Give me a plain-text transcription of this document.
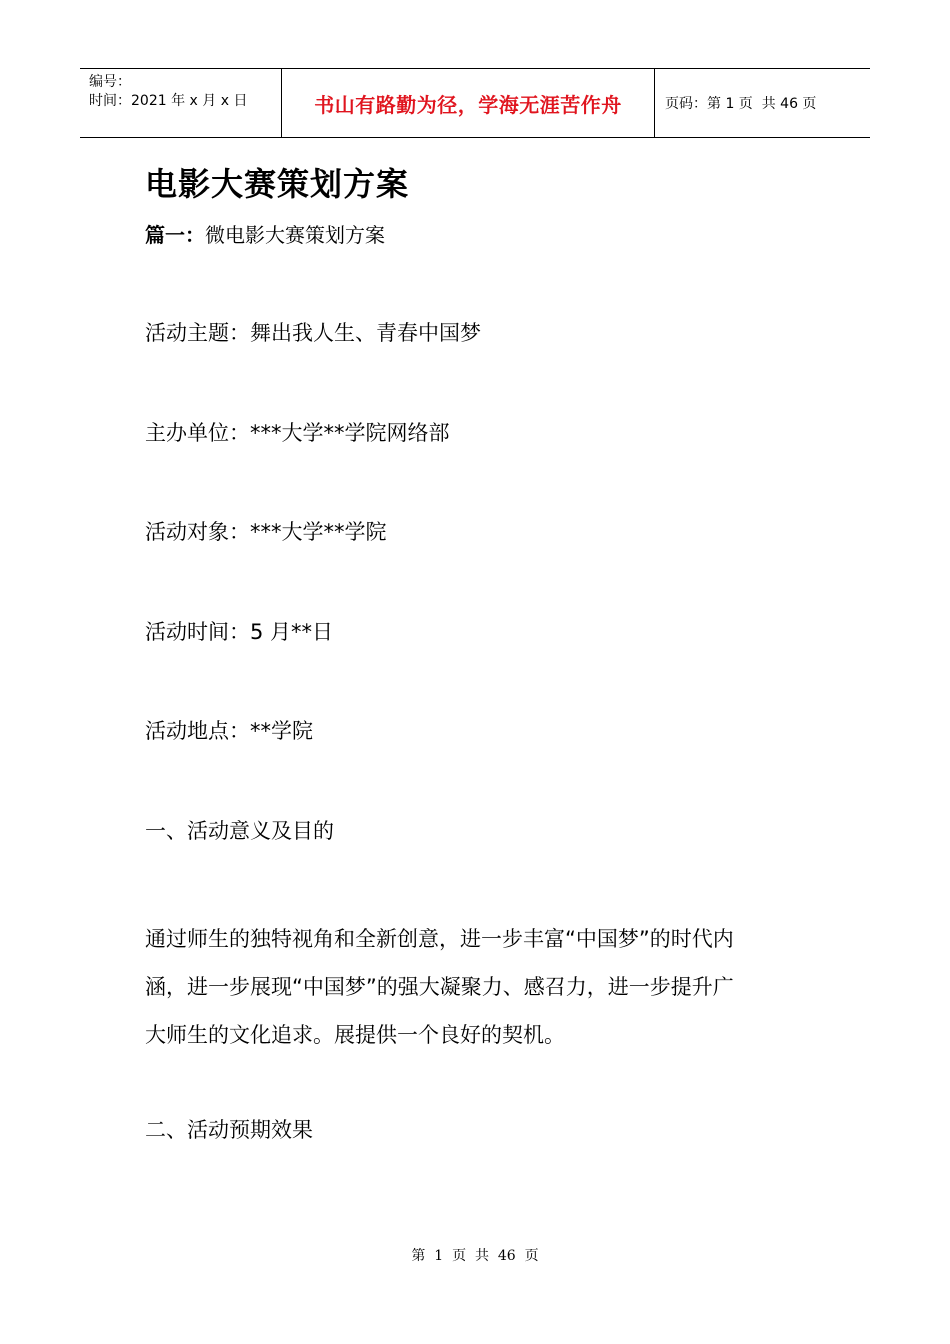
编号：
时间：2021 年 x 月 x 日	书山有路勤为径，学海无涯苦作舟	页码：第 1 页  共 46 页
电影大赛策划方案
篇一：微电影大赛策划方案

活动主题：舞出我人生、青春中国梦

主办单位：***大学**学院网络部

活动对象：***大学**学院

活动时间：5 月**日

活动地点：**学院

一、活动意义及目的

通过师生的独特视角和全新创意，进一步丰富“中国梦”的时代内
涵，进一步展现“中国梦”的强大凝聚力、感召力，进一步提升广
大师生的文化追求。展提供一个良好的契机。

二、活动预期效果

第  1  页  共  46  页
